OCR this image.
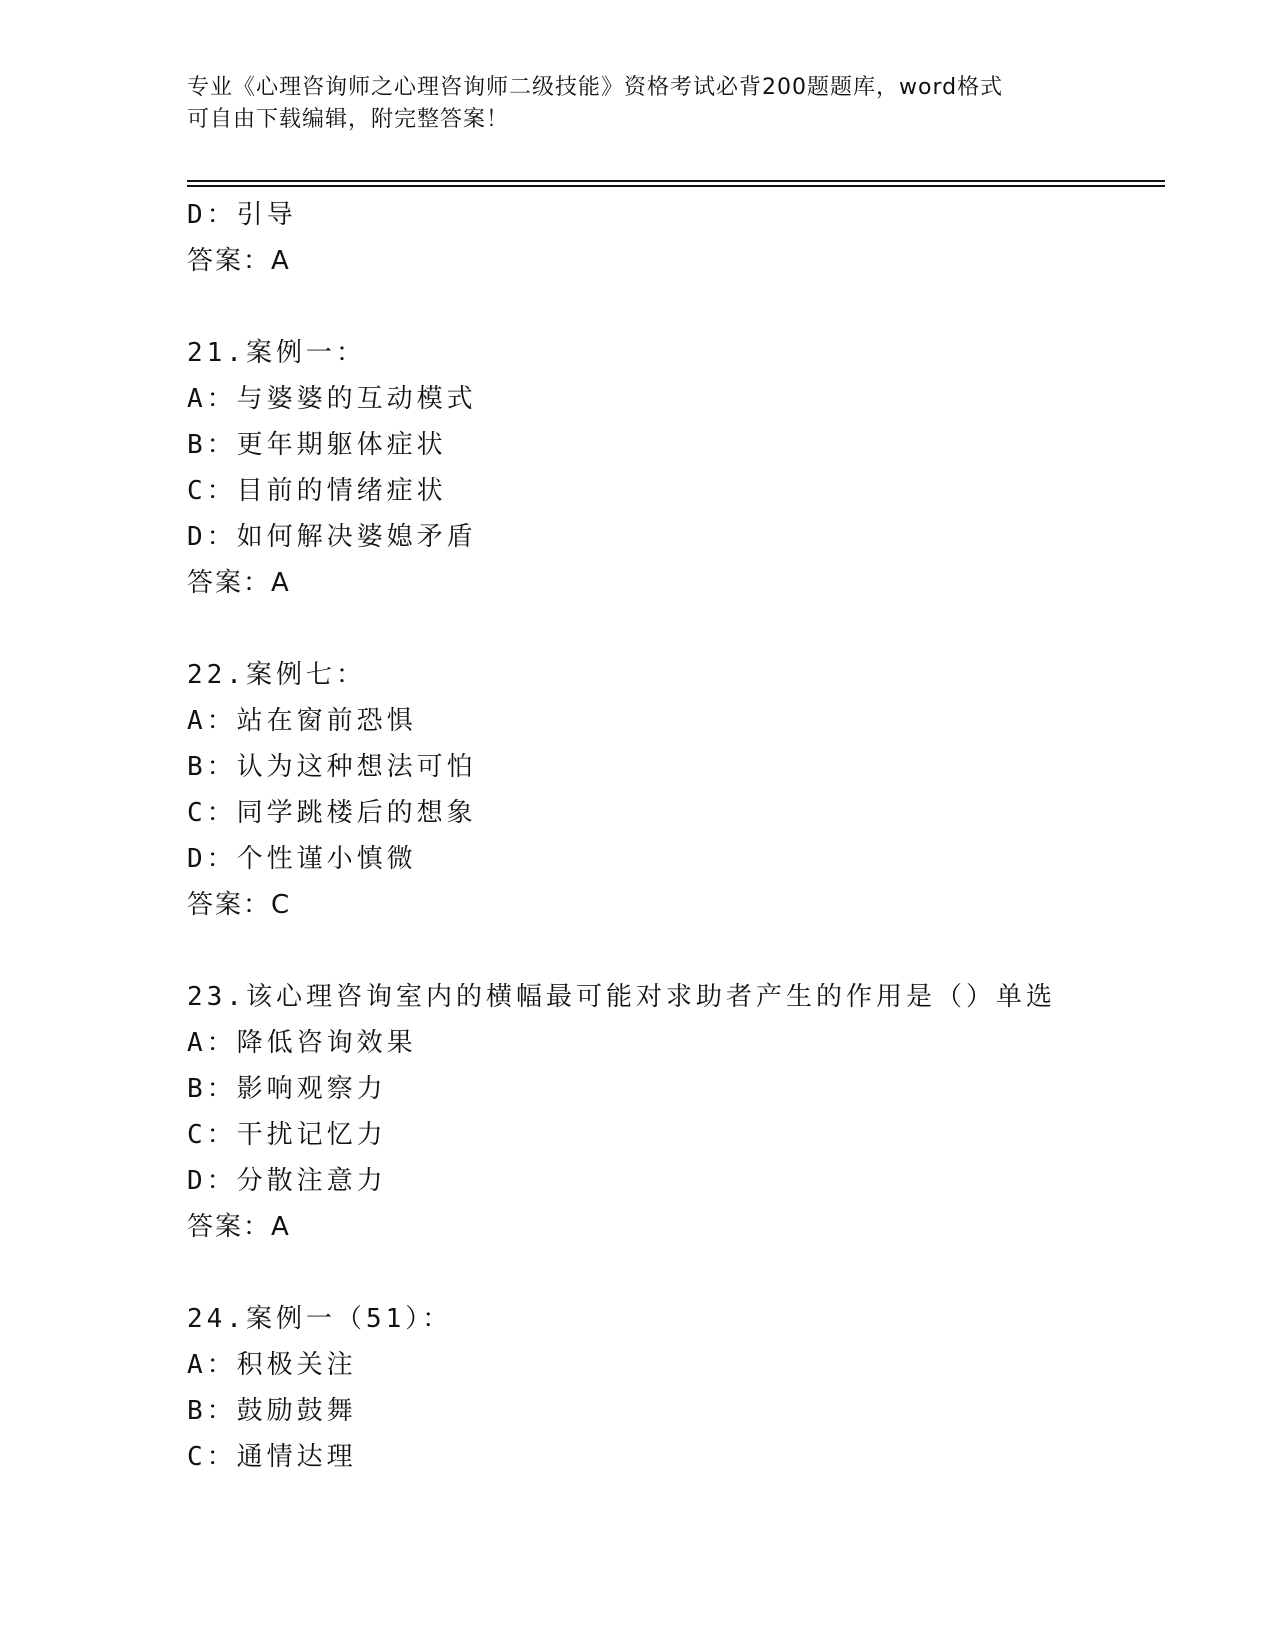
专业《心理咨询师之心理咨询师二级技能》资格考试必背200题题库，word格式
可自由下载编辑，附完整答案！
D：引导
答案：A
21.案例一：
A：与婆婆的互动模式
B：更年期躯体症状
C：目前的情绪症状
D：如何解决婆媳矛盾
答案：A
22.案例七：
A：站在窗前恐惧
B：认为这种想法可怕
C：同学跳楼后的想象
D：个性谨小慎微
答案：C
23.该心理咨询室内的横幅最可能对求助者产生的作用是（）单选
A：降低咨询效果
B：影响观察力
C：干扰记忆力
D：分散注意力
答案：A
24.案例一（51）：
A：积极关注
B：鼓励鼓舞
C：通情达理
